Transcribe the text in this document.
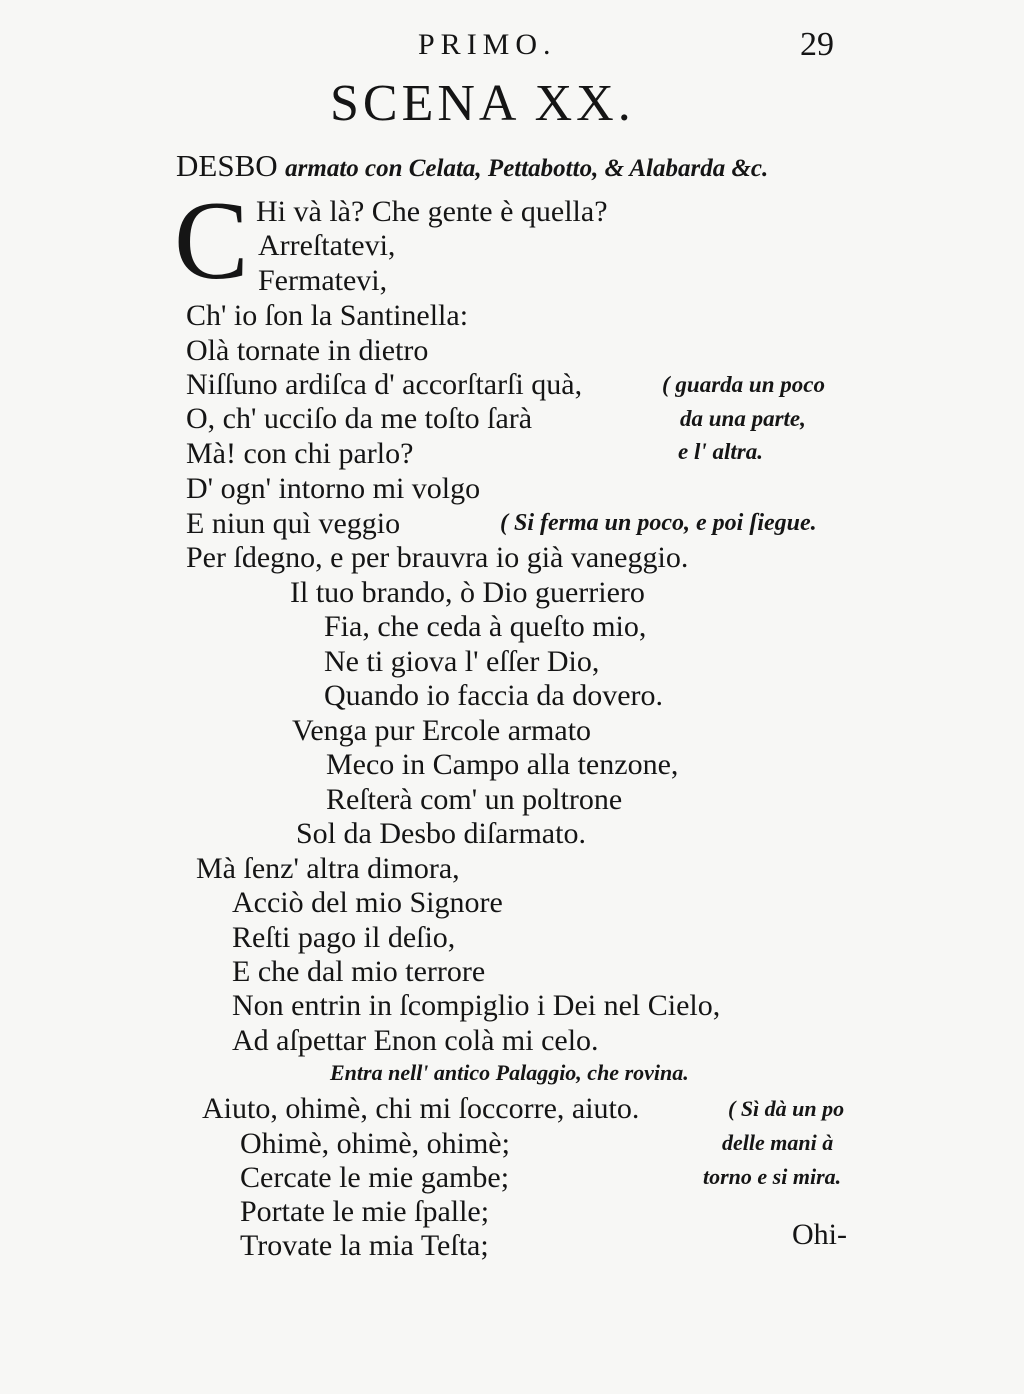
PRIMO.	29
SCENA XX.
DESBO armato con Celata, Pettabotto, & Alabarda &c.
C Hi và là? Che gente è quella?
Arreſtatevi,
Fermatevi,
Ch' io ſon la Santinella:
Olà tornate in dietro
Niſſuno ardiſca d' accorſtarſi quà,
O, ch' ucciſo da me toſto ſarà
Mà! con chi parlo?
D' ogn' intorno mi volgo
E niun quì veggio
Per ſdegno, e per brauvra io già vaneggio.
Il tuo brando, ò Dio guerriero
Fia, che ceda à queſto mio,
Ne ti giova l' eſſer Dio,
Quando io faccia da dovero.
Venga pur Ercole armato
Meco in Campo alla tenzone,
Reſterà com' un poltrone
Sol da Desbo diſarmato.
Mà ſenz' altra dimora,
Acciò del mio Signore
Reſti pago il deſio,
E che dal mio terrore
Non entrin in ſcompiglio i Dei nel Cielo,
Ad aſpettar Enon colà mi celo.
Entra nell' antico Palaggio, che rovina.
Aiuto, ohimè, chi mi ſoccorre, aiuto.
Ohimè, ohimè, ohimè;
Cercate le mie gambe;
Portate le mie ſpalle;
Trovate la mia Teſta;
( guarda un poco
da una parte,
e l' altra.
( Si ferma un poco, e poi ſiegue.
( Sì dà un po
delle mani à
torno e si mira.
Ohi-
